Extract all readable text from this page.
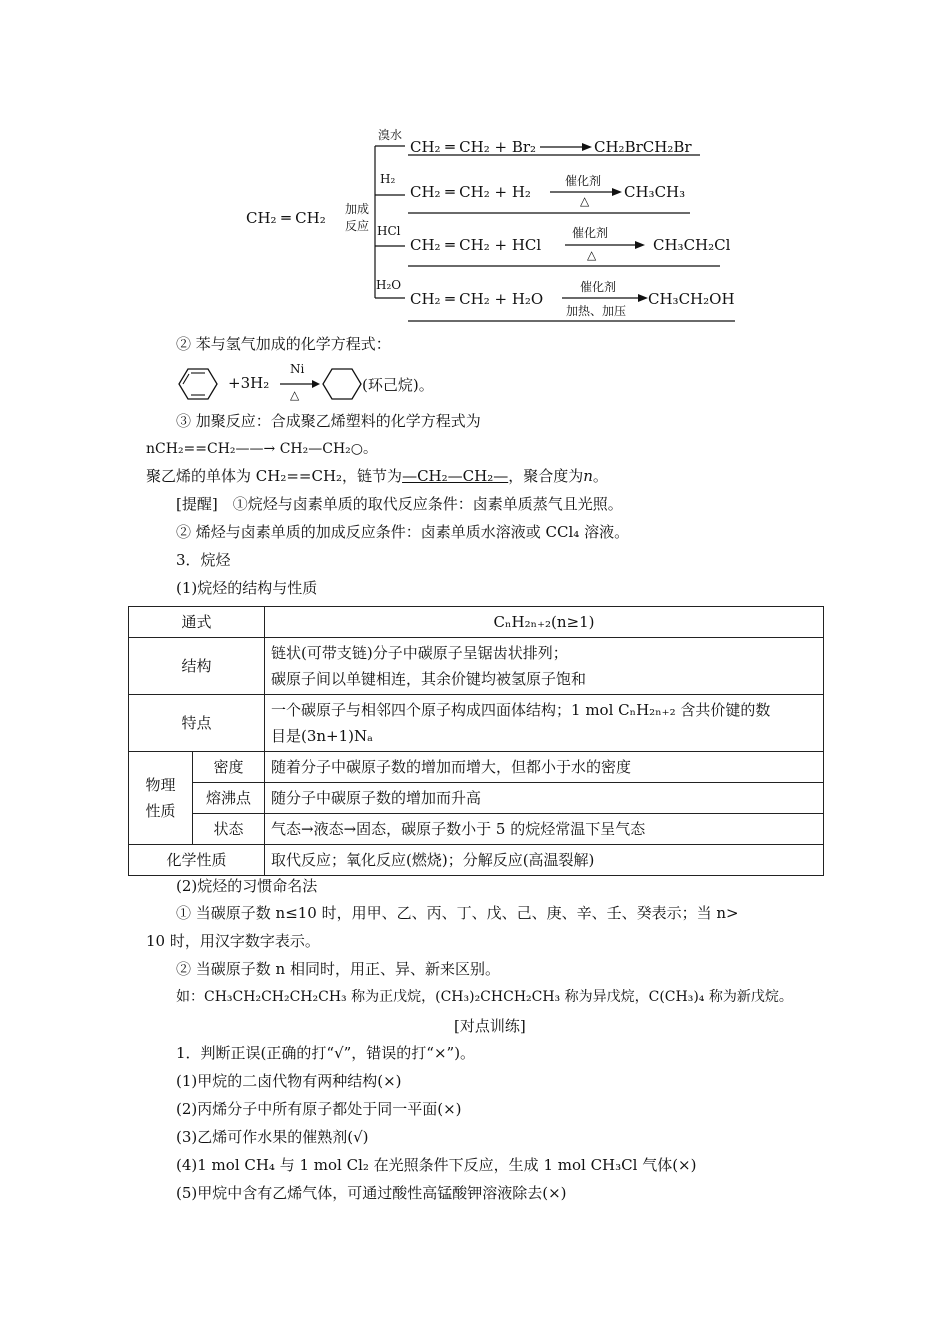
CH₂ ═ CH₂ 加成
反应
溴水
CH₂ ═ CH₂ + Br₂	CH₂BrCH₂Br
H₂
CH₂ ═ CH₂ + H₂
催化剂
△ CH₃CH₃
HCl
CH₂ ═ CH₂ + HCl
催化剂
△
CH₃CH₂Cl
H₂O
CH₂ ═ CH₂ + H₂O
催化剂
加热、加压
CH₃CH₂OH
② 苯与氢气加成的化学方程式：
+3H₂
Ni
△
(环己烷)。
③ 加聚反应：合成聚乙烯塑料的化学方程式为
nCH₂==CH₂——→ CH₂—CH₂○。
聚乙烯的单体为 CH₂==CH₂，链节为—CH₂—CH₂—，聚合度为n。
[提醒]　①烷烃与卤素单质的取代反应条件：卤素单质蒸气且光照。
② 烯烃与卤素单质的加成反应条件：卤素单质水溶液或 CCl₄ 溶液。
3．烷烃
(1)烷烃的结构与性质
通式		CₙH₂ₙ₊₂(n≥1)
结构		链状(可带支链)分子中碳原子呈锯齿状排列；
碳原子间以单键相连，其余价键均被氢原子饱和

特点		一个碳原子与相邻四个原子构成四面体结构；1 mol CₙH₂ₙ₊₂ 含共价键的数
目是(3n+1)Nₐ

物理
性质	密度	随着分子中碳原子数的增加而增大，但都小于水的密度
	熔沸点	随分子中碳原子数的增加而升高
	状态	气态→液态→固态，碳原子数小于 5 的烷烃常温下呈气态
化学性质		取代反应；氧化反应(燃烧)；分解反应(高温裂解)
(2)烷烃的习惯命名法
① 当碳原子数 n≤10 时，用甲、乙、丙、丁、戊、己、庚、辛、壬、癸表示；当 n>
10 时，用汉字数字表示。
② 当碳原子数 n 相同时，用正、异、新来区别。
如：CH₃CH₂CH₂CH₂CH₃ 称为正戊烷，(CH₃)₂CHCH₂CH₃ 称为异戊烷，C(CH₃)₄ 称为新戊烷。
[对点训练]
1．判断正误(正确的打“√”，错误的打“×”)。
(1)甲烷的二卤代物有两种结构(×)
(2)丙烯分子中所有原子都处于同一平面(×)
(3)乙烯可作水果的催熟剂(√)
(4)1 mol CH₄ 与 1 mol Cl₂ 在光照条件下反应，生成 1 mol CH₃Cl 气体(×)
(5)甲烷中含有乙烯气体，可通过酸性高锰酸钾溶液除去(×)
